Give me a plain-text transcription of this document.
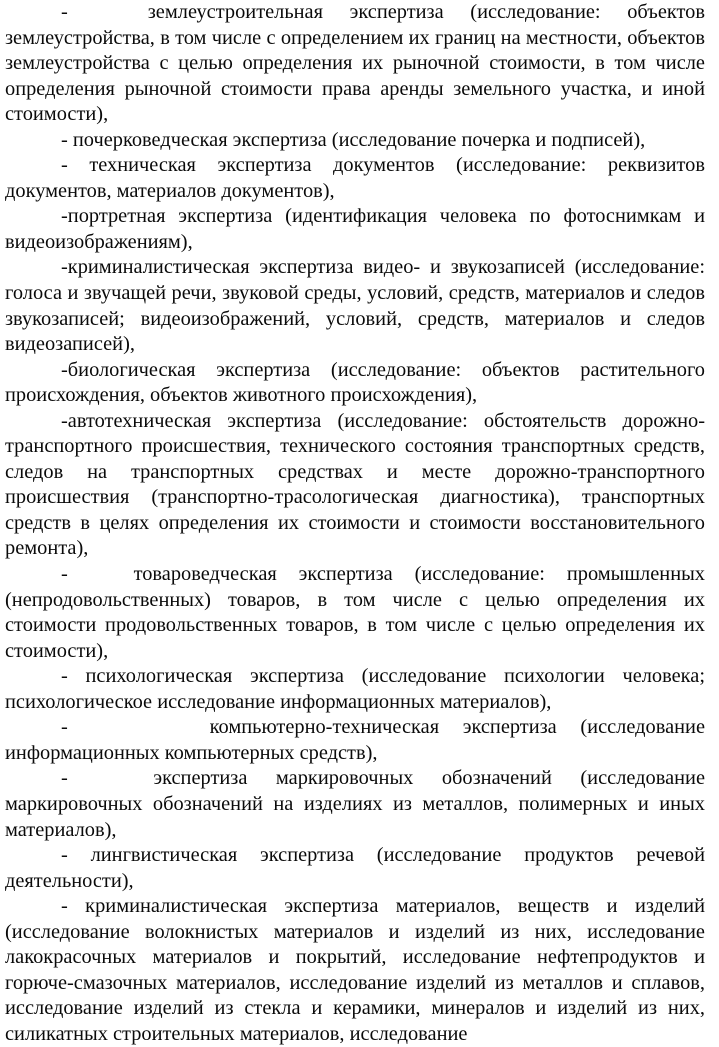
-   землеустроительная экспертиза (исследование: объектов землеустройства, в том числе с определением их границ на местности, объектов землеустройства с целью определения их рыночной стоимости, в том числе определения рыночной стоимости права аренды земельного участка, и иной стоимости),

- почерковедческая экспертиза (исследование почерка и подписей),

- техническая экспертиза документов (исследование: реквизитов документов, материалов документов),

-портретная экспертиза (идентификация человека по фотоснимкам и видеоизображениям),

-криминалистическая экспертиза видео- и звукозаписей (исследование: голоса и звучащей речи, звуковой среды, условий, средств, материалов и следов звукозаписей; видеоизображений, условий, средств, материалов и следов видеозаписей),

-биологическая экспертиза (исследование: объектов растительного происхождения, объектов животного происхождения),

-автотехническая экспертиза (исследование: обстоятельств дорожно-транспортного происшествия, технического состояния транспортных средств, следов на транспортных средствах и месте дорожно-транспортного происшествия (транспортно-трасологическая диагностика), транспортных средств в целях определения их стоимости и стоимости восстановительного ремонта),

-   товароведческая экспертиза (исследование: промышленных (непродовольственных) товаров, в том числе с целью определения их стоимости продовольственных товаров, в том числе с целью определения их стоимости),

- психологическая экспертиза (исследование психологии человека; психологическое исследование информационных материалов),

-      компьютерно-техническая экспертиза (исследование информационных компьютерных средств),

-   экспертиза маркировочных обозначений (исследование маркировочных обозначений на изделиях из металлов, полимерных и иных материалов),

- лингвистическая экспертиза (исследование продуктов речевой деятельности),

- криминалистическая экспертиза материалов, веществ и изделий (исследование волокнистых материалов и изделий из них, исследование лакокрасочных материалов и покрытий, исследование нефтепродуктов и горюче-смазочных материалов, исследование изделий из металлов и сплавов, исследование изделий из стекла и керамики, минералов и изделий из них, силикатных строительных материалов, исследование
